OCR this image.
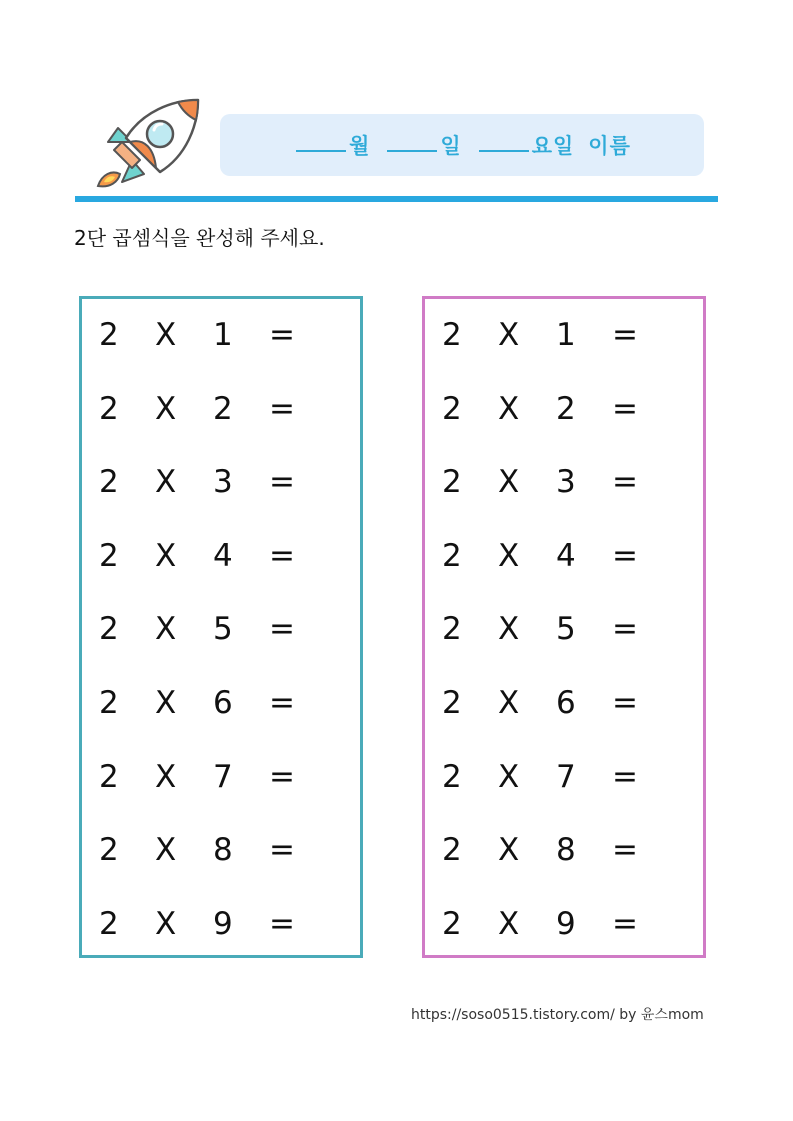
월	일	요일 이름
2단 곱셈식을 완성해 주세요.
2 X 1 =
2 X 2 =
2 X 3 =
2 X 4 =
2 X 5 =
2 X 6 =
2 X 7 =
2 X 8 =
2 X 9 =
2 X 1 =
2 X 2 =
2 X 3 =
2 X 4 =
2 X 5 =
2 X 6 =
2 X 7 =
2 X 8 =
2 X 9 =
https://soso0515.tistory.com/ by 윤스mom
